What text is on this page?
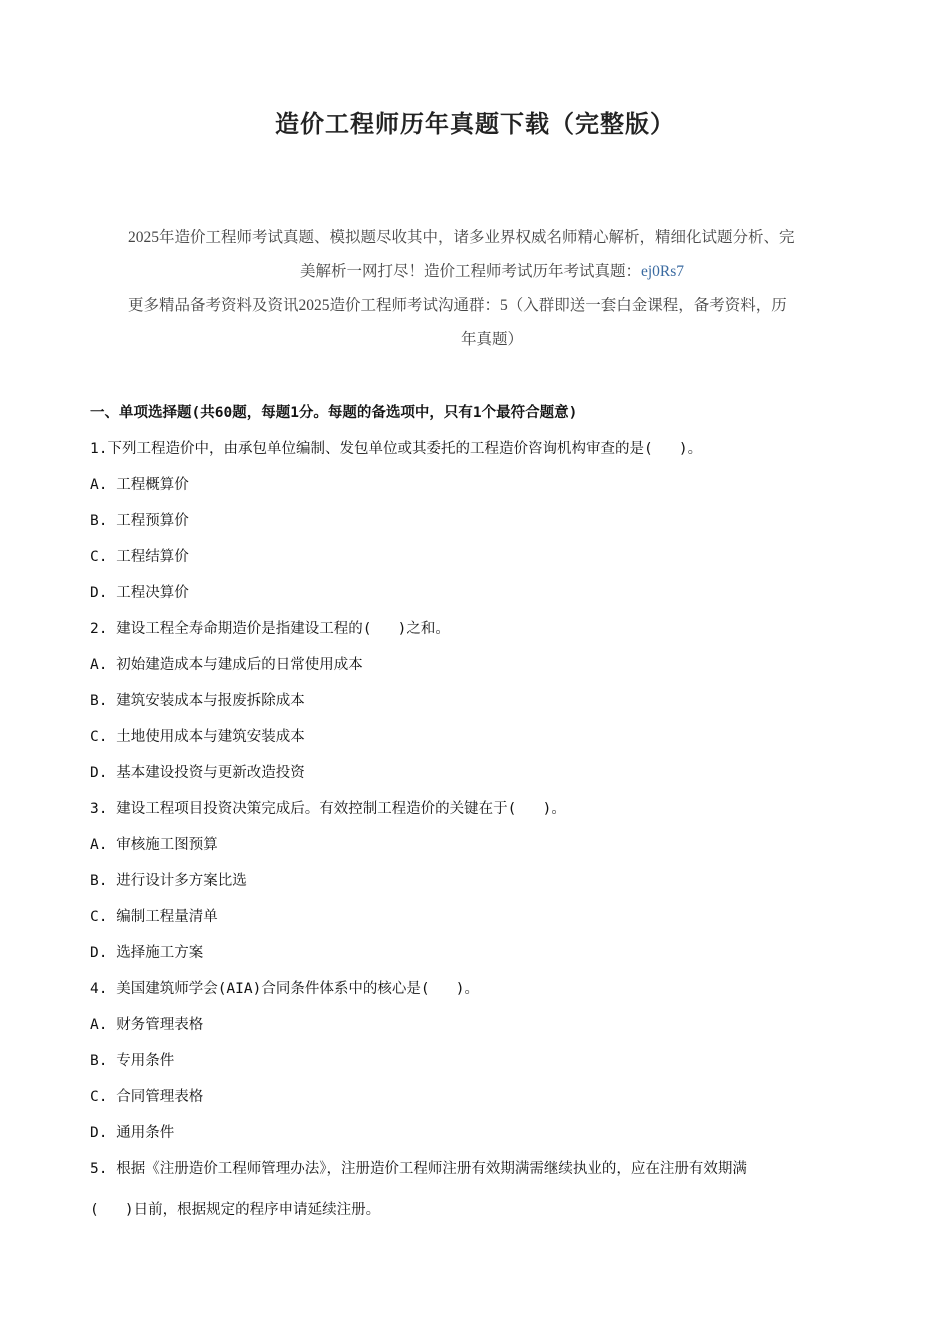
造价工程师历年真题下载（完整版）

2025年造价工程师考试真题、模拟题尽收其中，诸多业界权威名师精心解析，精细化试题分析、完

美解析一网打尽！造价工程师考试历年考试真题：ej0Rs7

更多精品备考资料及资讯2025造价工程师考试沟通群：5（入群即送一套白金课程，备考资料，历

年真题）

一、单项选择题(共60题，每题1分。每题的备选项中，只有1个最符合题意)
1.下列工程造价中，由承包单位编制、发包单位或其委托的工程造价咨询机构审查的是(   )。
A. 工程概算价
B. 工程预算价
C. 工程结算价
D. 工程决算价
2. 建设工程全寿命期造价是指建设工程的(   )之和。
A. 初始建造成本与建成后的日常使用成本
B. 建筑安装成本与报废拆除成本
C. 土地使用成本与建筑安装成本
D. 基本建设投资与更新改造投资
3. 建设工程项目投资决策完成后。有效控制工程造价的关键在于(   )。
A. 审核施工图预算
B. 进行设计多方案比选
C. 编制工程量清单
D. 选择施工方案
4. 美国建筑师学会(AIA)合同条件体系中的核心是(   )。
A. 财务管理表格
B. 专用条件
C. 合同管理表格
D. 通用条件
5. 根据《注册造价工程师管理办法》，注册造价工程师注册有效期满需继续执业的，应在注册有效期满
(   )日前，根据规定的程序申请延续注册。
